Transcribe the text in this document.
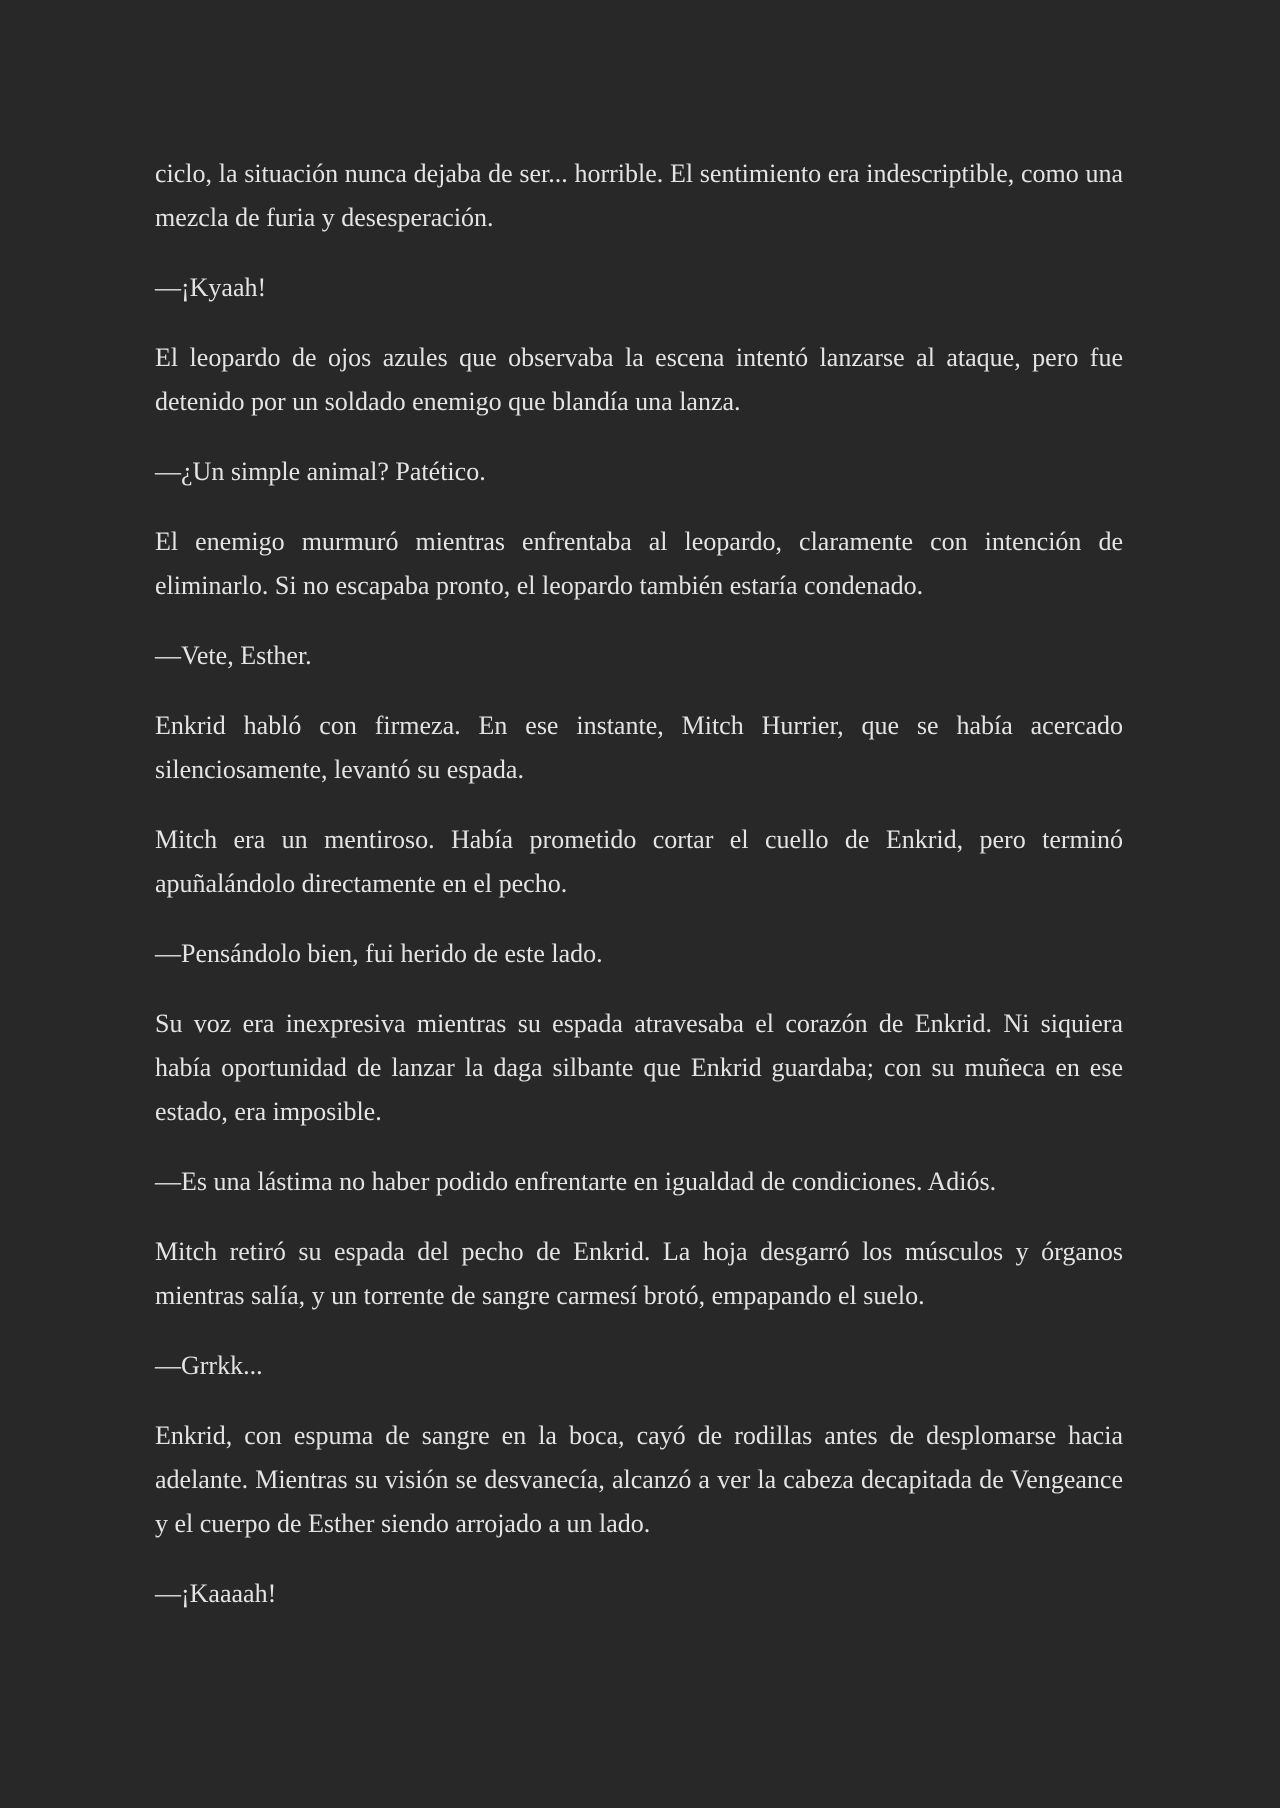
ciclo, la situación nunca dejaba de ser... horrible. El sentimiento era indescriptible, como una mezcla de furia y desesperación.

—¡Kyaah!

El leopardo de ojos azules que observaba la escena intentó lanzarse al ataque, pero fue detenido por un soldado enemigo que blandía una lanza.

—¿Un simple animal? Patético.

El enemigo murmuró mientras enfrentaba al leopardo, claramente con intención de eliminarlo. Si no escapaba pronto, el leopardo también estaría condenado.

—Vete, Esther.

Enkrid habló con firmeza. En ese instante, Mitch Hurrier, que se había acercado silenciosamente, levantó su espada.

Mitch era un mentiroso. Había prometido cortar el cuello de Enkrid, pero terminó apuñalándolo directamente en el pecho.

—Pensándolo bien, fui herido de este lado.

Su voz era inexpresiva mientras su espada atravesaba el corazón de Enkrid. Ni siquiera había oportunidad de lanzar la daga silbante que Enkrid guardaba; con su muñeca en ese estado, era imposible.

—Es una lástima no haber podido enfrentarte en igualdad de condiciones. Adiós.

Mitch retiró su espada del pecho de Enkrid. La hoja desgarró los músculos y órganos mientras salía, y un torrente de sangre carmesí brotó, empapando el suelo.

—Grrkk...

Enkrid, con espuma de sangre en la boca, cayó de rodillas antes de desplomarse hacia adelante. Mientras su visión se desvanecía, alcanzó a ver la cabeza decapitada de Vengeance y el cuerpo de Esther siendo arrojado a un lado.

—¡Kaaaah!
